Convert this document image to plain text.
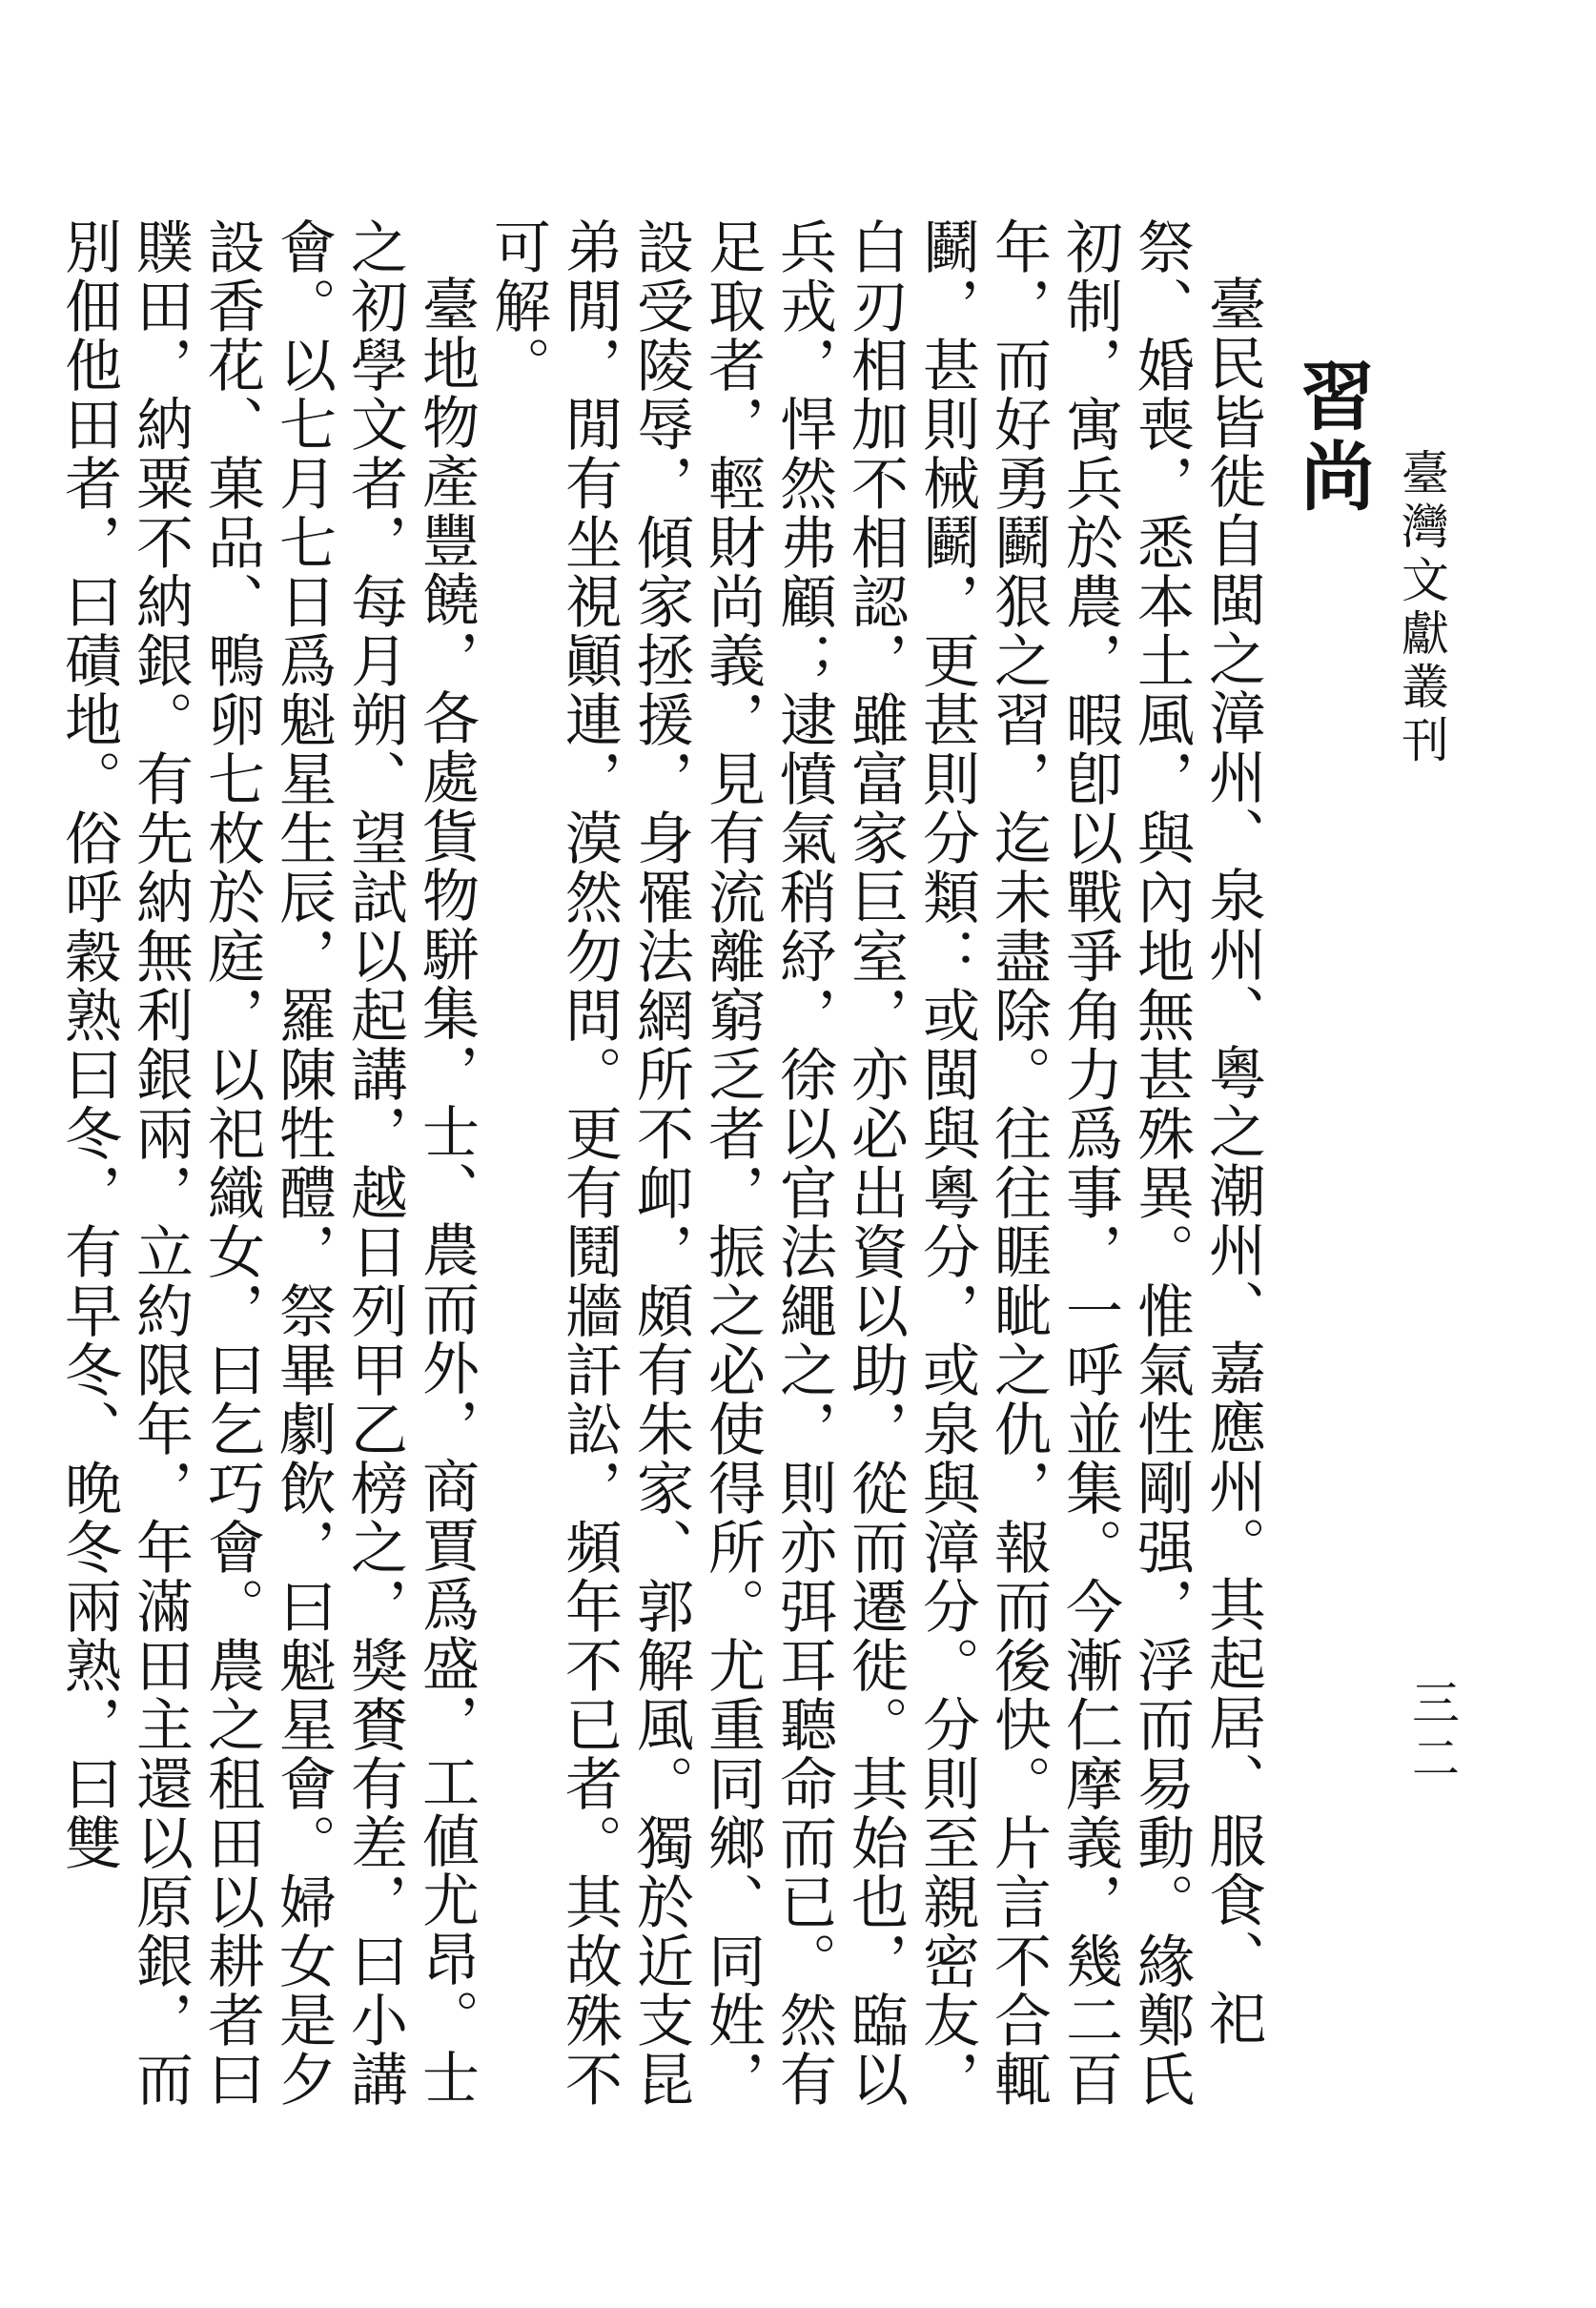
臺灣文獻叢刊
三二
習尚

臺民皆徙自閩之漳州、泉州、粵之潮州、嘉應州。其起居、服食、祀祭、婚喪，悉本土風，與內地無甚殊異。惟氣性剛强，浮而易動。緣鄭氏初制，寓兵於農，暇卽以戰爭角力爲事，一呼並集。今漸仁摩義，幾二百年，而好勇鬬狠之習，迄未盡除。往往睚眦之仇，報而後快。片言不合輒鬬，甚則械鬬，更甚則分類：或閩與粵分，或泉與漳分。分則至親密友，白刃相加不相認，雖富家巨室，亦必出資以助，從而遷徙。其始也，臨以兵戎，悍然弗顧；逮憤氣稍紓，徐以官法繩之，則亦弭耳聽命而已。然有足取者，輕財尚義，見有流離窮乏者，振之必使得所。尤重同鄉、同姓，設受陵辱，傾家拯援，身罹法網所不卹，頗有朱家、郭解風。獨於近支昆弟閒，閒有坐視顚連，漠然勿問。更有鬩牆訐訟，頻年不已者。其故殊不可解。

臺地物產豐饒，各處貨物駢集，士、農而外，商賈爲盛，工値尤昂。士之初學文者，每月朔、望試以起講，越日列甲乙榜之，獎賚有差，曰小講會。以七月七日爲魁星生辰，羅陳牲醴，祭畢劇飲，曰魁星會。婦女是夕設香花、菓品、鴨卵七枚於庭，以祀織女，曰乞巧會。農之租田以耕者曰贌田，納粟不納銀。有先納無利銀兩，立約限年，年滿田主還以原銀，而別佃他田者，曰磧地。俗呼穀熟曰冬，有早冬、晚冬兩熟，曰雙
